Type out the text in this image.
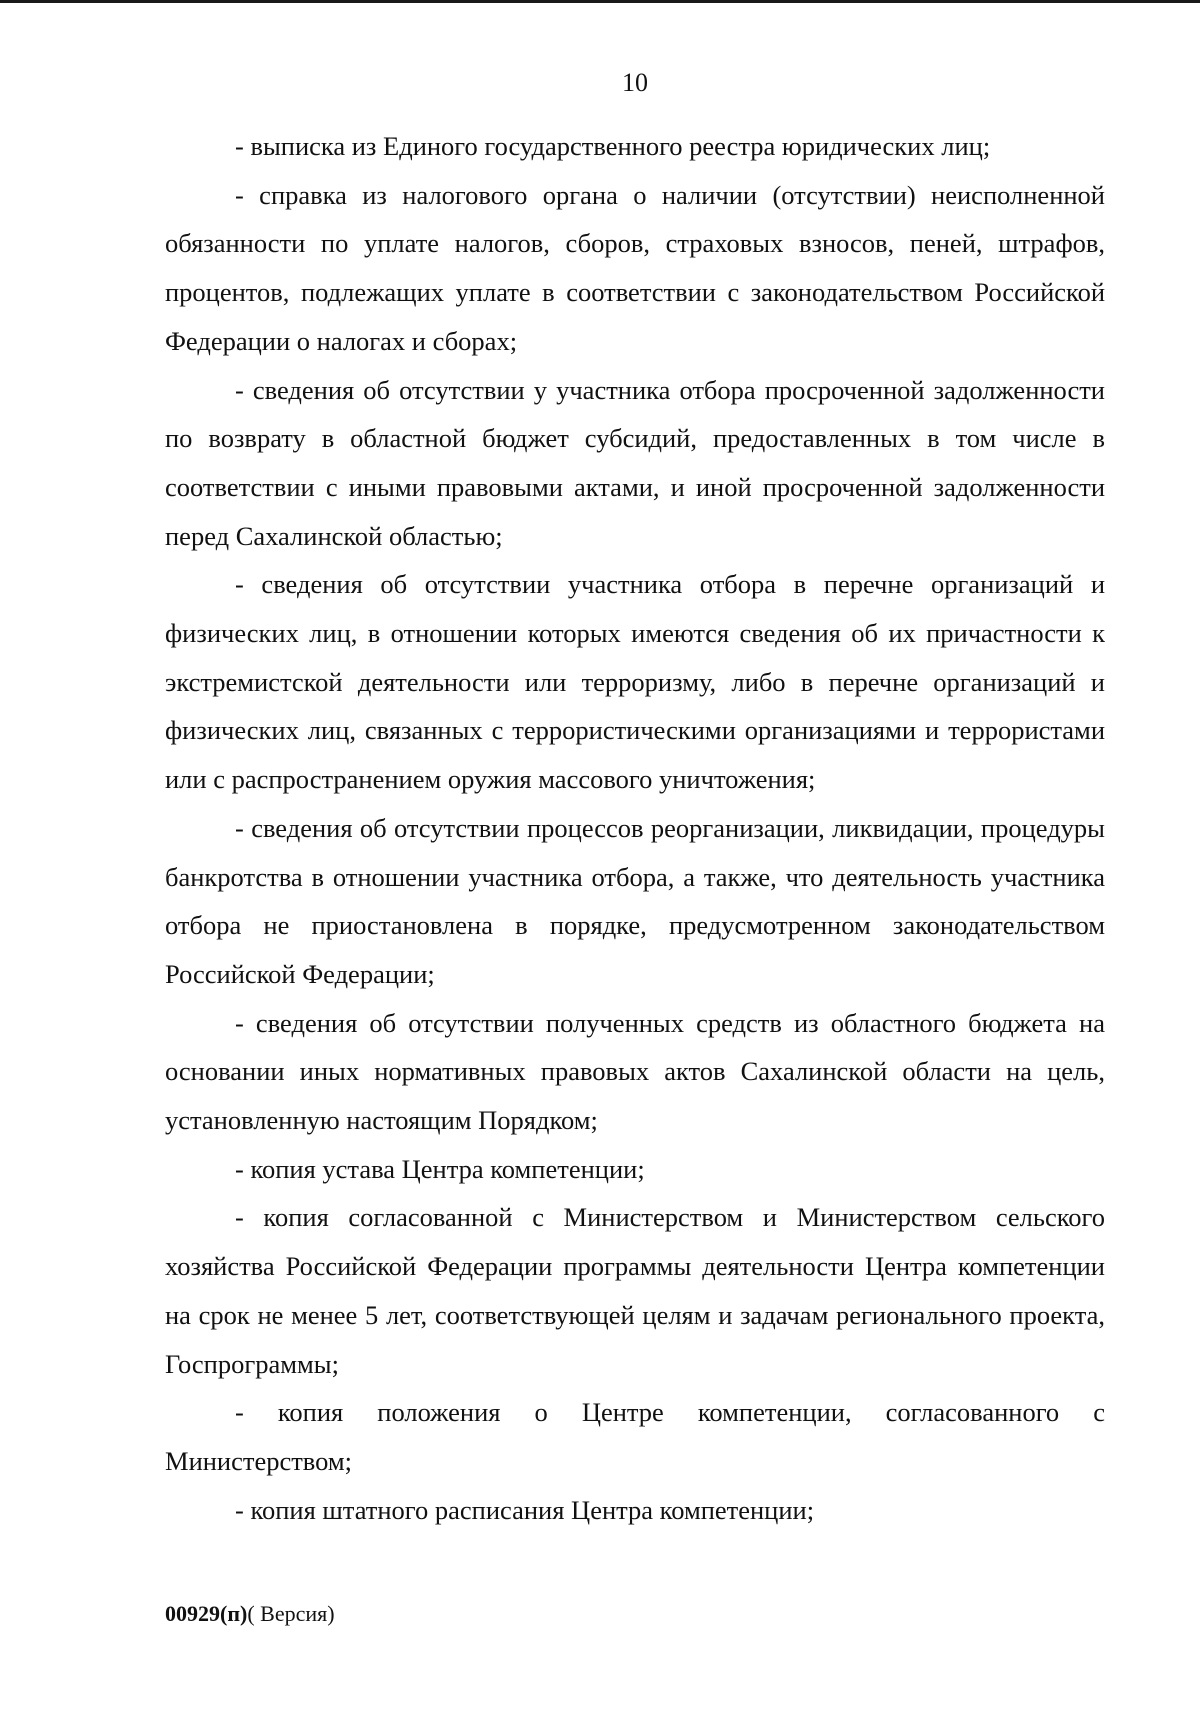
10

- выписка из Единого государственного реестра юридических лиц;

- справка из налогового органа о наличии (отсутствии) неисполненной обязанности по уплате налогов, сборов, страховых взносов, пеней, штрафов, процентов, подлежащих уплате в соответствии с законодательством Российской Федерации о налогах и сборах;

- сведения об отсутствии у участника отбора просроченной задолженности по возврату в областной бюджет субсидий, предоставленных в том числе в соответствии с иными правовыми актами, и иной просроченной задолженности перед Сахалинской областью;

- сведения об отсутствии участника отбора в перечне организаций и физических лиц, в отношении которых имеются сведения об их причастности к экстремистской деятельности или терроризму, либо в перечне организаций и физических лиц, связанных с террористическими организациями и террористами или с распространением оружия массового уничтожения;

- сведения об отсутствии процессов реорганизации, ликвидации, процедуры банкротства в отношении участника отбора, а также, что деятельность участника отбора не приостановлена в порядке, предусмотренном законодательством Российской Федерации;

- сведения об отсутствии полученных средств из областного бюджета на основании иных нормативных правовых актов Сахалинской области на цель, установленную настоящим Порядком;

- копия устава Центра компетенции;

- копия согласованной с Министерством и Министерством сельского хозяйства Российской Федерации программы деятельности Центра компетенции на срок не менее 5 лет, соответствующей целям и задачам регионального проекта, Госпрограммы;

- копия положения о Центре компетенции, согласованного с Министерством;

- копия штатного расписания Центра компетенции;

00929(п)( Версия)
